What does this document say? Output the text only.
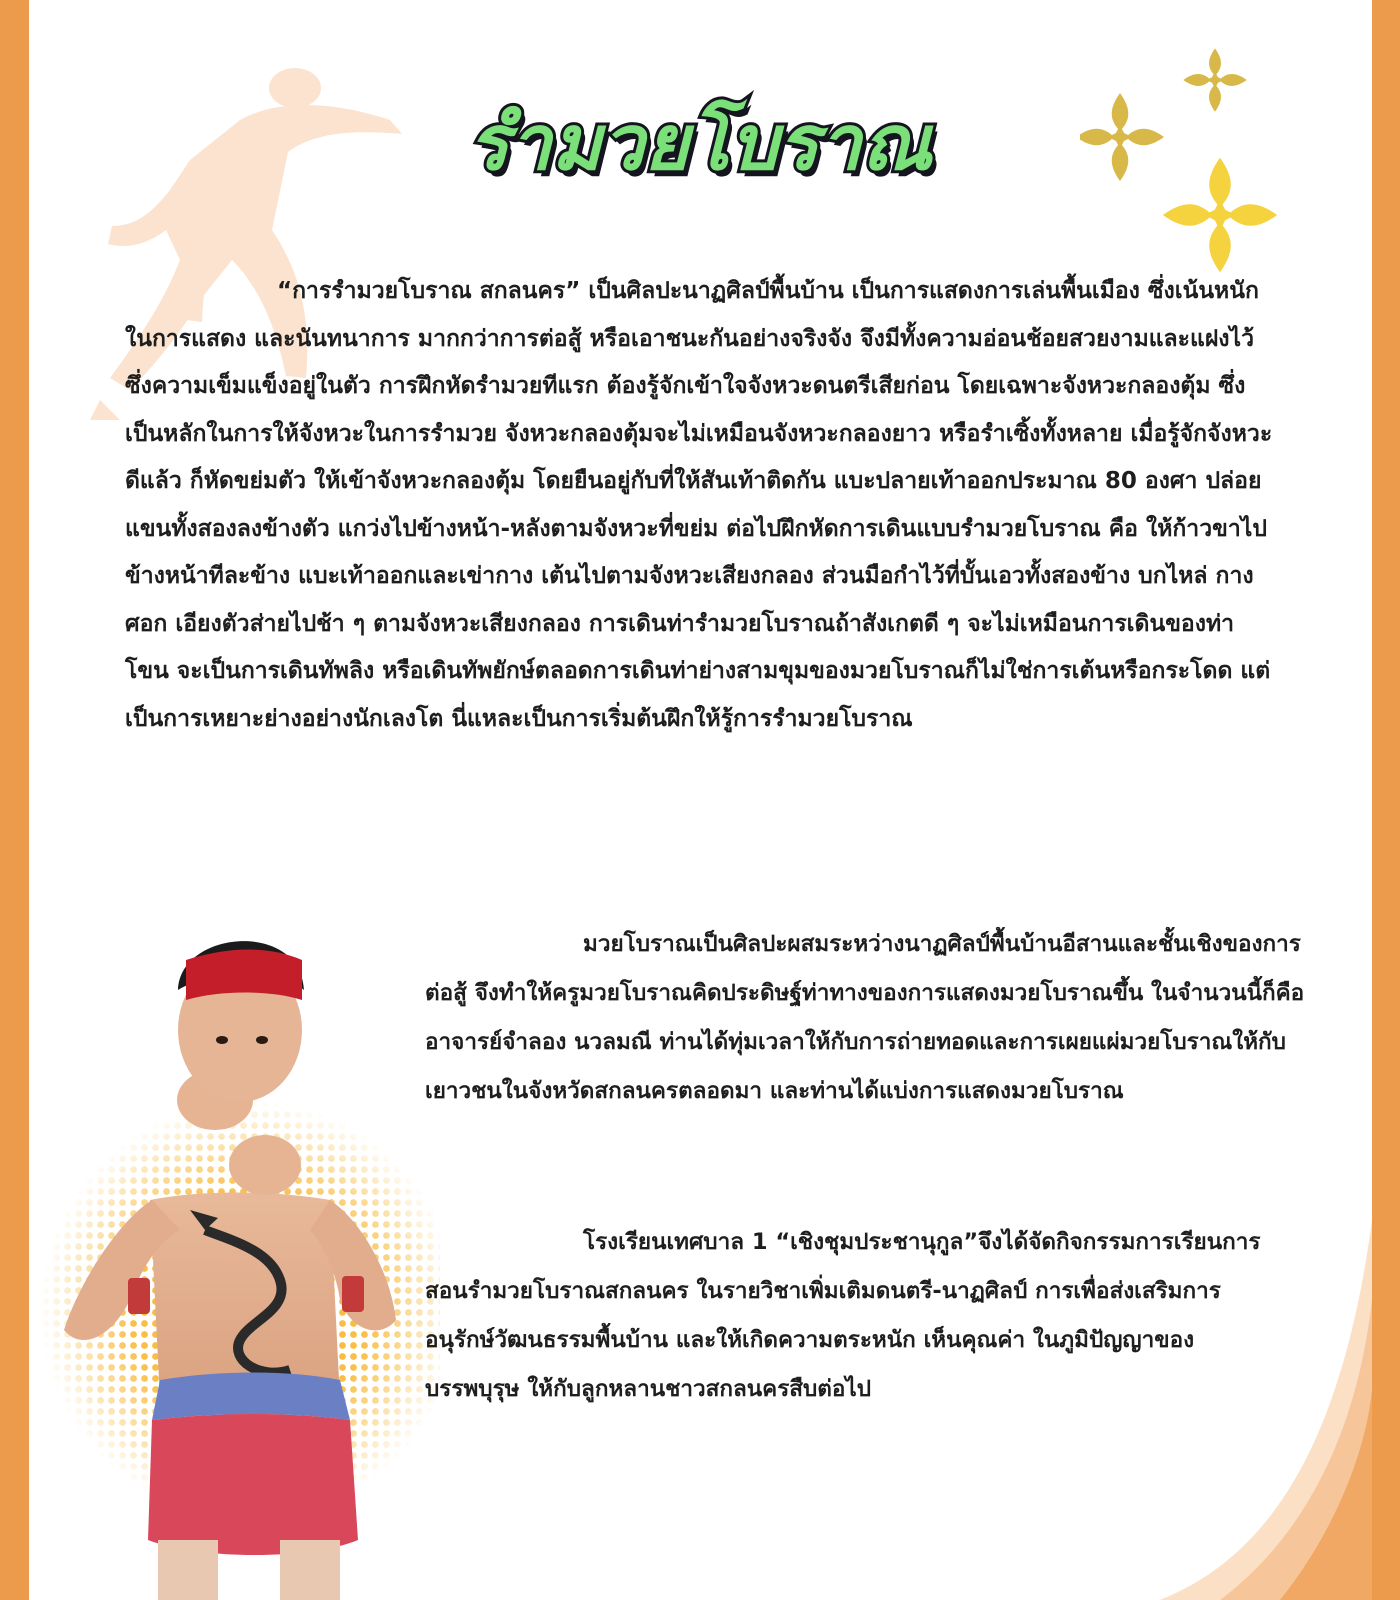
รำมวยโบราณ

“การรำมวยโบราณ สกลนคร” เป็นศิลปะนาฏศิลป์พื้นบ้าน เป็นการแสดงการเล่นพื้นเมือง ซึ่งเน้นหนักในการแสดง และนันทนาการ มากกว่าการต่อสู้ หรือเอาชนะกันอย่างจริงจัง จึงมีทั้งความอ่อนช้อยสวยงามและแฝงไว้ซึ่งความเข็มแข็งอยู่ในตัว การฝึกหัดรำมวยทีแรก ต้องรู้จักเข้าใจจังหวะดนตรีเสียก่อน โดยเฉพาะจังหวะกลองตุ้ม ซึ่งเป็นหลักในการให้จังหวะในการรำมวย จังหวะกลองตุ้มจะไม่เหมือนจังหวะกลองยาว หรือรำเซิ้งทั้งหลาย เมื่อรู้จักจังหวะดีแล้ว ก็หัดขย่มตัว ให้เข้าจังหวะกลองตุ้ม โดยยืนอยู่กับที่ให้สันเท้าติดกัน แบะปลายเท้าออกประมาณ 80 องศา ปล่อยแขนทั้งสองลงข้างตัว แกว่งไปข้างหน้า-หลังตามจังหวะที่ขย่ม ต่อไปฝึกหัดการเดินแบบรำมวยโบราณ คือ ให้ก้าวขาไปข้างหน้าทีละข้าง แบะเท้าออกและเข่ากาง เต้นไปตามจังหวะเสียงกลอง ส่วนมือกำไว้ที่บั้นเอวทั้งสองข้าง บกไหล่ กางศอก เอียงตัวส่ายไปช้า ๆ ตามจังหวะเสียงกลอง การเดินท่ารำมวยโบราณถ้าสังเกตดี ๆ จะไม่เหมือนการเดินของท่าโขน จะเป็นการเดินทัพลิง หรือเดินทัพยักษ์ตลอดการเดินท่าย่างสามขุมของมวยโบราณก็ไม่ใช่การเต้นหรือกระโดด แต่เป็นการเหยาะย่างอย่างนักเลงโต นี่แหละเป็นการเริ่มต้นฝึกให้รู้การรำมวยโบราณ

มวยโบราณเป็นศิลปะผสมระหว่างนาฏศิลป์พื้นบ้านอีสานและชั้นเชิงของการต่อสู้ จึงทำให้ครูมวยโบราณคิดประดิษฐ์ท่าทางของการแสดงมวยโบราณขึ้น ในจำนวนนี้ก็คือ อาจารย์จำลอง นวลมณี ท่านได้ทุ่มเวลาให้กับการถ่ายทอดและการเผยแผ่มวยโบราณให้กับเยาวชนในจังหวัดสกลนครตลอดมา และท่านได้แบ่งการแสดงมวยโบราณ

โรงเรียนเทศบาล 1 “เชิงชุมประชานุกูล”จึงได้จัดกิจกรรมการเรียนการสอนรำมวยโบราณสกลนคร ในรายวิชาเพิ่มเติมดนตรี-นาฏศิลป์ การเพื่อส่งเสริมการอนุรักษ์วัฒนธรรมพื้นบ้าน และให้เกิดความตระหนัก เห็นคุณค่า ในภูมิปัญญาของบรรพบุรุษ ให้กับลูกหลานชาวสกลนครสืบต่อไป
